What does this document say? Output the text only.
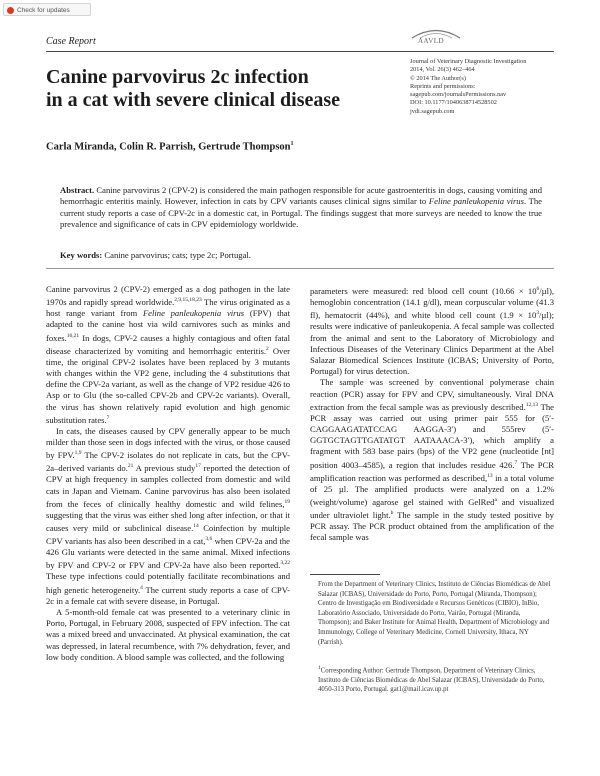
Check for updates
Case Report	AAVLD
Journal of Veterinary Diagnostic Investigation
2014, Vol. 26(3) 462–464
© 2014 The Author(s)
Reprints and permissions:
sagepub.com/journalsPermissions.nav
DOI: 10.1177/1040638714528502
jvdi.sagepub.com
Canine parvovirus 2c infection
in a cat with severe clinical disease
Carla Miranda, Colin R. Parrish, Gertrude Thompson$^1$
Abstract. Canine parvovirus 2 (CPV-2) is considered the main pathogen responsible for acute gastroenteritis in dogs, causing vomiting and hemorrhagic enteritis mainly. However, infection in cats by CPV variants causes clinical signs similar to Feline panleukopenia virus. The current study reports a case of CPV-2c in a domestic cat, in Portugal. The findings suggest that more surveys are needed to know the true prevalence and significance of cats in CPV epidemiology worldwide.
Key words: Canine parvovirus; cats; type 2c; Portugal.

Canine parvovirus 2 (CPV-2) emerged as a dog pathogen in the late 1970s and rapidly spread worldwide.$^{2,9,15,18,23}$ The virus originated as a host range variant from Feline panleukopenia virus (FPV) that adapted to the canine host via wild carnivores such as minks and foxes.$^{16,21}$ In dogs, CPV-2 causes a highly contagious and often fatal disease characterized by vomiting and hemorrhagic enteritis.$^2$ Over time, the original CPV-2 isolates have been replaced by 3 mutants with changes within the VP2 gene, including the 4 substitutions that define the CPV-2a variant, as well as the change of VP2 residue 426 to Asp or to Glu (the so-called CPV-2b and CPV-2c variants). Overall, the virus has shown relatively rapid evolution and high genomic substitution rates.$^7$

In cats, the diseases caused by CPV generally appear to be much milder than those seen in dogs infected with the virus, or those caused by FPV.$^{1,9}$ The CPV-2 isolates do not replicate in cats, but the CPV-2a–derived variants do.$^{21}$ A previous study$^{17}$ reported the detection of CPV at high frequency in samples collected from domestic and wild cats in Japan and Vietnam. Canine parvovirus has also been isolated from the feces of clinically healthy domestic and wild felines,$^{19}$ suggesting that the virus was either shed long after infection, or that it causes very mild or subclinical disease.$^{14}$ Coinfection by multiple CPV variants has also been described in a cat,$^{3,6}$ when CPV-2a and the 426 Glu variants were detected in the same animal. Mixed infections by FPV and CPV-2 or FPV and CPV-2a have also been reported.$^{3,22}$ These type infections could potentially facilitate recombinations and high genetic heterogeneity.$^4$ The current study reports a case of CPV-2c in a female cat with severe disease, in Portugal.

A 5-month-old female cat was presented to a veterinary clinic in Porto, Portugal, in February 2008, suspected of FPV infection. The cat was a mixed breed and unvaccinated. At physical examination, the cat was depressed, in lateral recumbence, with 7% dehydration, fever, and low body condition. A blood sample was collected, and the following

parameters were measured: red blood cell count $(10.66 \times 10^6/\mu l)$, hemoglobin concentration (14.1 g/dl), mean corpuscular volume (41.3 fl), hematocrit (44%), and white blood cell count $(1.9 \times 10^3/\mu l)$; results were indicative of panleukopenia. A fecal sample was collected from the animal and sent to the Laboratory of Microbiology and Infectious Diseases of the Veterinary Clinics Department at the Abel Salazar Biomedical Sciences Institute (ICBAS; University of Porto, Portugal) for virus detection.

The sample was screened by conventional polymerase chain reaction (PCR) assay for FPV and CPV, simultaneously. Viral DNA extraction from the fecal sample was as previously described.$^{12,13}$ The PCR assay was carried out using primer pair 555 for (5′-CAGGAAGATATCCAG AAGGA-3′) and 555rev (5′-GGTGCTAGTTGATATGT AATAAACA-3′), which amplify a fragment with 583 base pairs (bps) of the VP2 gene (nucleotide [nt] position 4003–4585), a region that includes residue 426.$^7$ The PCR amplification reaction was performed as described,$^{13}$ in a total volume of 25 µl. The amplified products were analyzed on a 1.2% (weight/volume) agarose gel stained with GelRed$^a$ and visualized under ultraviolet light.$^b$ The sample in the study tested positive by PCR assay. The PCR product obtained from the amplification of the fecal sample was

From the Department of Veterinary Clinics, Instituto de Ciências Biomédicas de Abel Salazar (ICBAS), Universidade do Porto, Porto, Portugal (Miranda, Thompson); Centro de Investigação em Biodiversidade e Recursos Genéticos (CIBIO), InBio, Laboratório Associado, Universidade do Porto, Vairão, Portugal (Miranda, Thompson); and Baker Institute for Animal Health, Department of Microbiology and Immunology, College of Veterinary Medicine, Cornell University, Ithaca, NY (Parrish).
$^1$Corresponding Author: Gertrude Thompson, Department of Veterinary Clinics, Instituto de Ciências Biomédicas de Abel Salazar (ICBAS), Universidade do Porto, 4050-313 Porto, Portugal. gat1@mail.icav.up.pt
